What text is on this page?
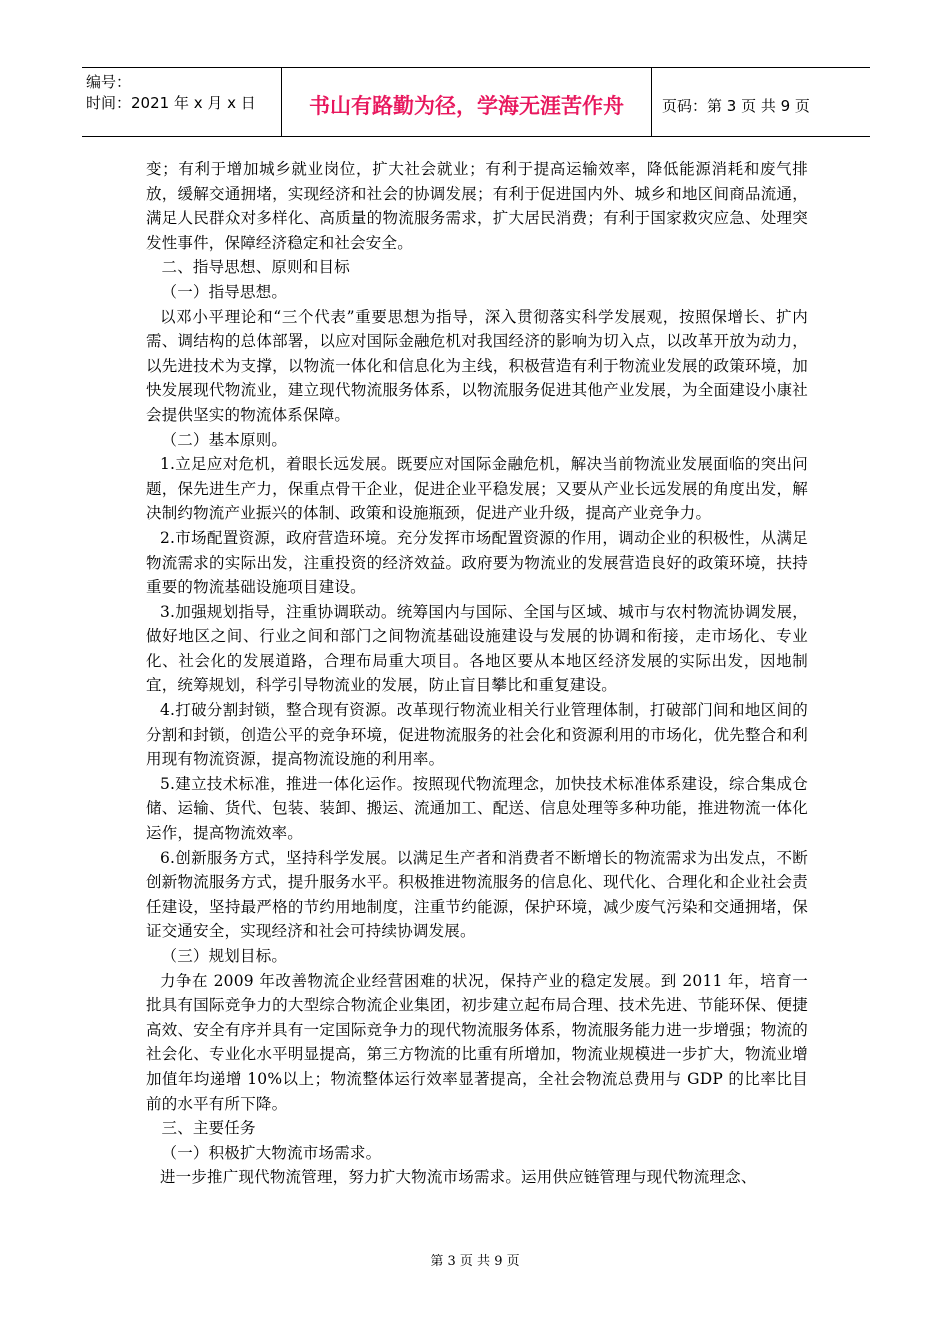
编号：
时间：2021 年 x 月 x 日	书山有路勤为径，学海无涯苦作舟	页码：第 3 页 共 9 页

变；有利于增加城乡就业岗位，扩大社会就业；有利于提高运输效率，降低能源消耗和废气排放，缓解交通拥堵，实现经济和社会的协调发展；有利于促进国内外、城乡和地区间商品流通，满足人民群众对多样化、高质量的物流服务需求，扩大居民消费；有利于国家救灾应急、处理突发性事件，保障经济稳定和社会安全。

二、指导思想、原则和目标

（一）指导思想。

以邓小平理论和“三个代表”重要思想为指导，深入贯彻落实科学发展观，按照保增长、扩内需、调结构的总体部署，以应对国际金融危机对我国经济的影响为切入点，以改革开放为动力，以先进技术为支撑，以物流一体化和信息化为主线，积极营造有利于物流业发展的政策环境，加快发展现代物流业，建立现代物流服务体系，以物流服务促进其他产业发展，为全面建设小康社会提供坚实的物流体系保障。

（二）基本原则。

1.立足应对危机，着眼长远发展。既要应对国际金融危机，解决当前物流业发展面临的突出问题，保先进生产力，保重点骨干企业，促进企业平稳发展；又要从产业长远发展的角度出发，解决制约物流产业振兴的体制、政策和设施瓶颈，促进产业升级，提高产业竞争力。

2.市场配置资源，政府营造环境。充分发挥市场配置资源的作用，调动企业的积极性，从满足物流需求的实际出发，注重投资的经济效益。政府要为物流业的发展营造良好的政策环境，扶持重要的物流基础设施项目建设。

3.加强规划指导，注重协调联动。统筹国内与国际、全国与区域、城市与农村物流协调发展，做好地区之间、行业之间和部门之间物流基础设施建设与发展的协调和衔接，走市场化、专业化、社会化的发展道路，合理布局重大项目。各地区要从本地区经济发展的实际出发，因地制宜，统筹规划，科学引导物流业的发展，防止盲目攀比和重复建设。

4.打破分割封锁，整合现有资源。改革现行物流业相关行业管理体制，打破部门间和地区间的分割和封锁，创造公平的竞争环境，促进物流服务的社会化和资源利用的市场化，优先整合和利用现有物流资源，提高物流设施的利用率。

5.建立技术标准，推进一体化运作。按照现代物流理念，加快技术标准体系建设，综合集成仓储、运输、货代、包装、装卸、搬运、流通加工、配送、信息处理等多种功能，推进物流一体化运作，提高物流效率。

6.创新服务方式，坚持科学发展。以满足生产者和消费者不断增长的物流需求为出发点，不断创新物流服务方式，提升服务水平。积极推进物流服务的信息化、现代化、合理化和企业社会责任建设，坚持最严格的节约用地制度，注重节约能源，保护环境，减少废气污染和交通拥堵，保证交通安全，实现经济和社会可持续协调发展。

（三）规划目标。

力争在 2009 年改善物流企业经营困难的状况，保持产业的稳定发展。到 2011 年，培育一批具有国际竞争力的大型综合物流企业集团，初步建立起布局合理、技术先进、节能环保、便捷高效、安全有序并具有一定国际竞争力的现代物流服务体系，物流服务能力进一步增强；物流的社会化、专业化水平明显提高，第三方物流的比重有所增加，物流业规模进一步扩大，物流业增加值年均递增 10%以上；物流整体运行效率显著提高，全社会物流总费用与 GDP 的比率比目前的水平有所下降。

三、主要任务

（一）积极扩大物流市场需求。

进一步推广现代物流管理，努力扩大物流市场需求。运用供应链管理与现代物流理念、

第 3 页 共 9 页
